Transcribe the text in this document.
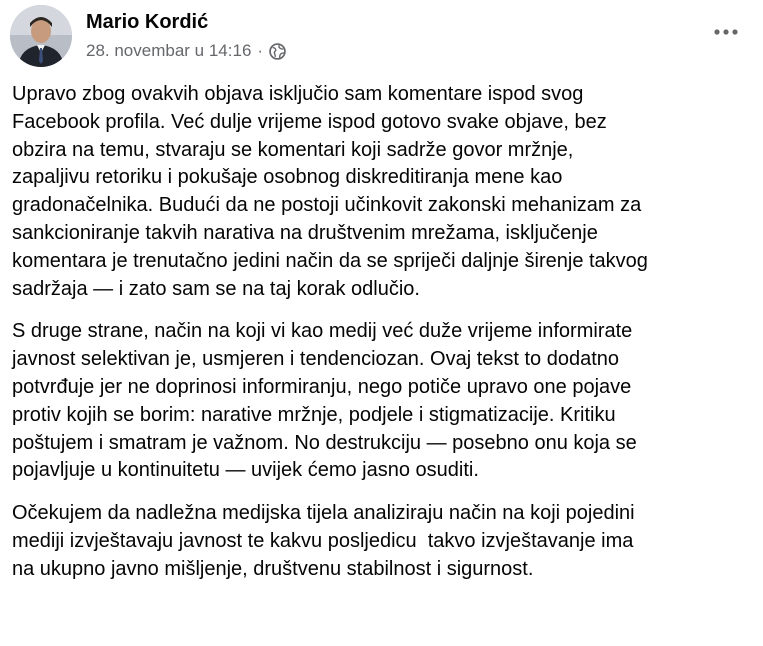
Mario Kordić
28. novembar u 14:16 ·

Upravo zbog ovakvih objava isključio sam komentare ispod svog
Facebook profila. Već dulje vrijeme ispod gotovo svake objave, bez
obzira na temu, stvaraju se komentari koji sadrže govor mržnje,
zapaljivu retoriku i pokušaje osobnog diskreditiranja mene kao
gradonačelnika. Budući da ne postoji učinkovit zakonski mehanizam za
sankcioniranje takvih narativa na društvenim mrežama, isključenje
komentara je trenutačno jedini način da se spriječi daljnje širenje takvog
sadržaja — i zato sam se na taj korak odlučio.

S druge strane, način na koji vi kao medij već duže vrijeme informirate
javnost selektivan je, usmjeren i tendenciozan. Ovaj tekst to dodatno
potvrđuje jer ne doprinosi informiranju, nego potiče upravo one pojave
protiv kojih se borim: narative mržnje, podjele i stigmatizacije. Kritiku
poštujem i smatram je važnom. No destrukciju — posebno onu koja se
pojavljuje u kontinuitetu — uvijek ćemo jasno osuditi.

Očekujem da nadležna medijska tijela analiziraju način na koji pojedini
mediji izvještavaju javnost te kakvu posljedicu  takvo izvještavanje ima
na ukupno javno mišljenje, društvenu stabilnost i sigurnost.
